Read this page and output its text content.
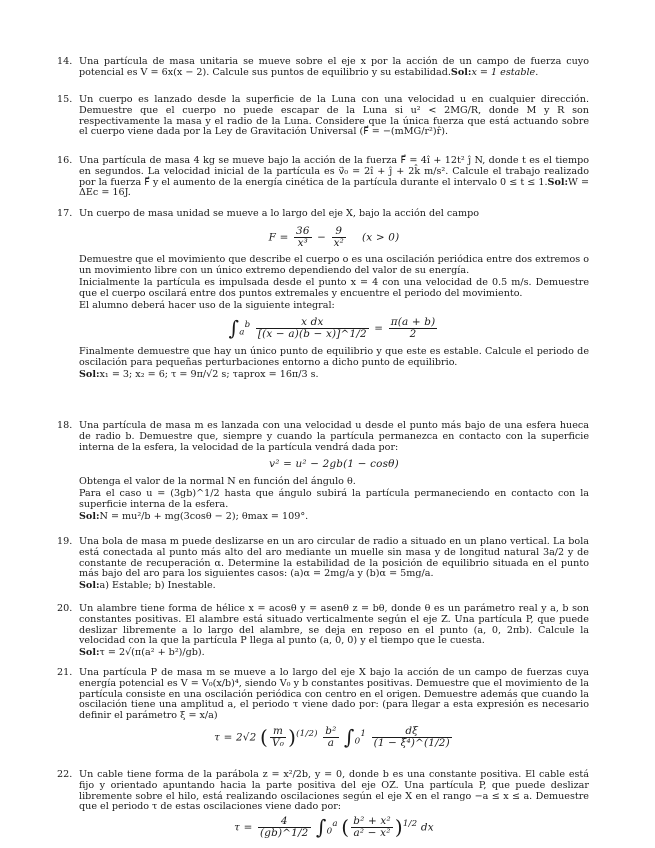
14. Una partícula de masa unitaria se mueve sobre el eje x por la acción de un campo de fuerza cuyo potencial es V = 6x(x − 2). Calcule sus puntos de equilibrio y su estabilidad.Sol:x = 1 estable.

15. Un cuerpo es lanzado desde la superficie de la Luna con una velocidad u en cualquier dirección. Demuestre que el cuerpo no puede escapar de la Luna si u² < 2MG/R, donde M y R son respectivamente la masa y el radio de la Luna. Considere que la única fuerza que está actuando sobre el cuerpo viene dada por la Ley de Gravitación Universal (F⃗ = −(mMG/r²)r̂).

16. Una partícula de masa 4 kg se mueve bajo la acción de la fuerza F⃗ = 4î + 12t² ĵ N, donde t es el tiempo en segundos. La velocidad inicial de la partícula es v⃗₀ = 2î + ĵ + 2k̂ m/s². Calcule el trabajo realizado por la fuerza F⃗ y el aumento de la energía cinética de la partícula durante el intervalo 0 ≤ t ≤ 1.Sol:W = ΔEc = 16J.

17. Un cuerpo de masa unidad se mueve a lo largo del eje X, bajo la acción del campo

$F = \frac{36}{\text{x³}} - \frac{9}{\text{x²}} (x > 0)$

Demuestre que el movimiento que describe el cuerpo o es una oscilación periódica entre dos extremos o un movimiento libre con un único extremo dependiendo del valor de su energía.

Inicialmente la partícula es impulsada desde el punto x = 4 con una velocidad de 0.5 m/s. Demuestre que el cuerpo oscilará entre dos puntos extremales y encuentre el periodo del movimiento.

El alumno deberá hacer uso de la siguiente integral:

$\int_a^b \frac{\text{x dx}}{[(x - a)(b - x)]\^{}1/2} = \frac{\pi(a + b)}{2}$

Finalmente demuestre que hay un único punto de equilibrio y que este es estable. Calcule el periodo de oscilación para pequeñas perturbaciones entorno a dicho punto de equilibrio.

Sol:x₁ = 3; x₂ = 6; τ = 9π/√2 s; τaprox = 16π/3 s.

18. Una partícula de masa m es lanzada con una velocidad u desde el punto más bajo de una esfera hueca de radio b. Demuestre que, siempre y cuando la partícula permanezca en contacto con la superficie interna de la esfera, la velocidad de la partícula vendrá dada por:

v² = u² − 2gb(1 − cosθ)

Obtenga el valor de la normal N en función del ángulo θ.

Para el caso u = (3gb)^1/2 hasta que ángulo subirá la partícula permaneciendo en contacto con la superficie interna de la esfera.

Sol:N = mu²/b + mg(3cosθ − 2); θmax = 109°.

19. Una bola de masa m puede deslizarse en un aro circular de radio a situado en un plano vertical. La bola está conectada al punto más alto del aro mediante un muelle sin masa y de longitud natural 3a/2 y de constante de recuperación α. Determine la estabilidad de la posición de equilibrio situada en el punto más bajo del aro para los siguientes casos: (a)α = 2mg/a y (b)α = 5mg/a.

Sol:a) Estable; b) Inestable.

20. Un alambre tiene forma de hélice x = acosθ y = asenθ z = bθ, donde θ es un parámetro real y a, b son constantes positivas. El alambre está situado verticalmente según el eje Z. Una partícula P, que puede deslizar libremente a lo largo del alambre, se deja en reposo en el punto (a, 0, 2πb). Calcule la velocidad con la que la partícula P llega al punto (a, 0, 0) y el tiempo que le cuesta.

Sol:τ = 2√(π(a² + b²)/gb).

21. Una partícula P de masa m se mueve a lo largo del eje X bajo la acción de un campo de fuerzas cuya energía potencial es V = V₀(x/b)⁴, siendo V₀ y b constantes positivas. Demuestre que el movimiento de la partícula consiste en una oscilación periódica con centro en el origen. Demuestre además que cuando la oscilación tiene una amplitud a, el periodo τ viene dado por: (para llegar a esta expresión es necesario definir el parámetro ξ = x/a)

τ = 2√2 ( $\frac{m}{\text{V₀}} )^{(1/2)} \frac{\text{b²}}{a} \int_0^1 \frac{d\xi}{\text{(1 − ξ⁴)\textasciicircum{}(1/2)}}$
22. Un cable tiene forma de la parábola z = x²/2b, y = 0, donde b es una constante positiva. El cable está fijo y orientado apuntando hacia la parte positiva del eje OZ. Una partícula P, que puede deslizar libremente sobre el hilo, está realizando oscilaciones según el eje X en el rango −a ≤ x ≤ a. Demuestre que el periodo τ de estas oscilaciones viene dado por:

$\tau = \frac{4}{(gb)\^{}1/2} \int_0^a$ ( $\frac{\text{b² + x²}}{\text{a² − x²}} )^{1/2}$ dx
